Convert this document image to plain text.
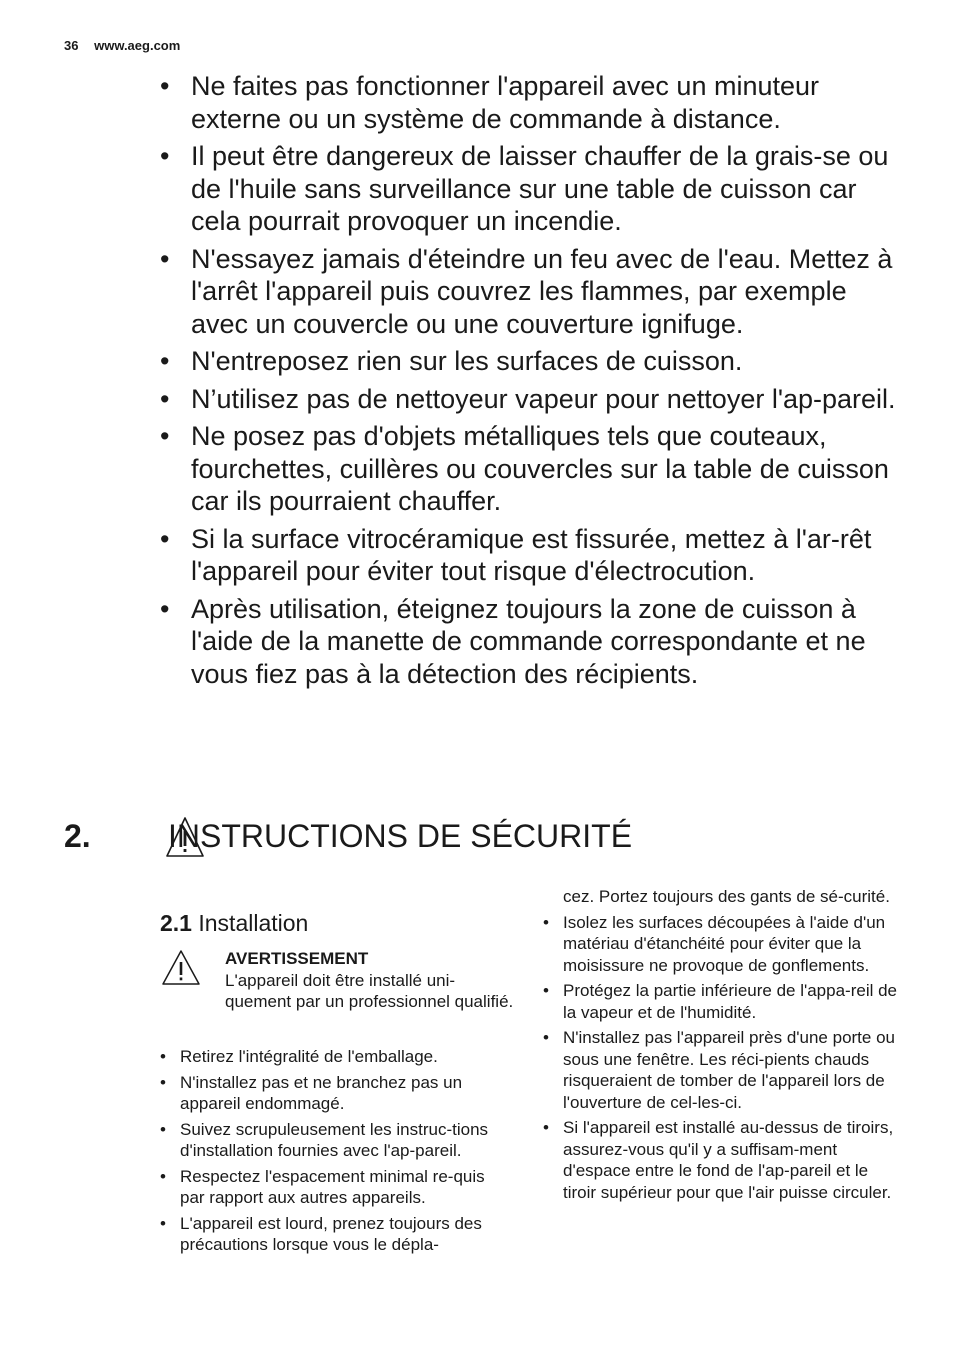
36 www.aeg.com
• Ne faites pas fonctionner l'appareil avec un minuteur externe ou un système de commande à distance.
• Il peut être dangereux de laisser chauffer de la grais-se ou de l'huile sans surveillance sur une table de cuisson car cela pourrait provoquer un incendie.
• N'essayez jamais d'éteindre un feu avec de l'eau. Mettez à l'arrêt l'appareil puis couvrez les flammes, par exemple avec un couvercle ou une couverture ignifuge.
• N'entreposez rien sur les surfaces de cuisson.
• N’utilisez pas de nettoyeur vapeur pour nettoyer l'ap-pareil.
• Ne posez pas d'objets métalliques tels que couteaux, fourchettes, cuillères ou couvercles sur la table de cuisson car ils pourraient chauffer.
• Si la surface vitrocéramique est fissurée, mettez à l'ar-rêt l'appareil pour éviter tout risque d'électrocution.
• Après utilisation, éteignez toujours la zone de cuisson à l'aide de la manette de commande correspondante et ne vous fiez pas à la détection des récipients.
2. INSTRUCTIONS DE SÉCURITÉ
2.1 Installation
AVERTISSEMENT
L'appareil doit être installé uni-quement par un professionnel qualifié.
• Retirez l'intégralité de l'emballage.
• N'installez pas et ne branchez pas un appareil endommagé.
• Suivez scrupuleusement les instruc-tions d'installation fournies avec l'ap-pareil.
• Respectez l'espacement minimal re-quis par rapport aux autres appareils.
• L'appareil est lourd, prenez toujours des précautions lorsque vous le dépla-
cez. Portez toujours des gants de sé-curité.
• Isolez les surfaces découpées à l'aide d'un matériau d'étanchéité pour éviter que la moisissure ne provoque de gonflements.
• Protégez la partie inférieure de l'appa-reil de la vapeur et de l'humidité.
• N'installez pas l'appareil près d'une porte ou sous une fenêtre. Les réci-pients chauds risqueraient de tomber de l'appareil lors de l'ouverture de cel-les-ci.
• Si l'appareil est installé au-dessus de tiroirs, assurez-vous qu'il y a suffisam-ment d'espace entre le fond de l'ap-pareil et le tiroir supérieur pour que l'air puisse circuler.
